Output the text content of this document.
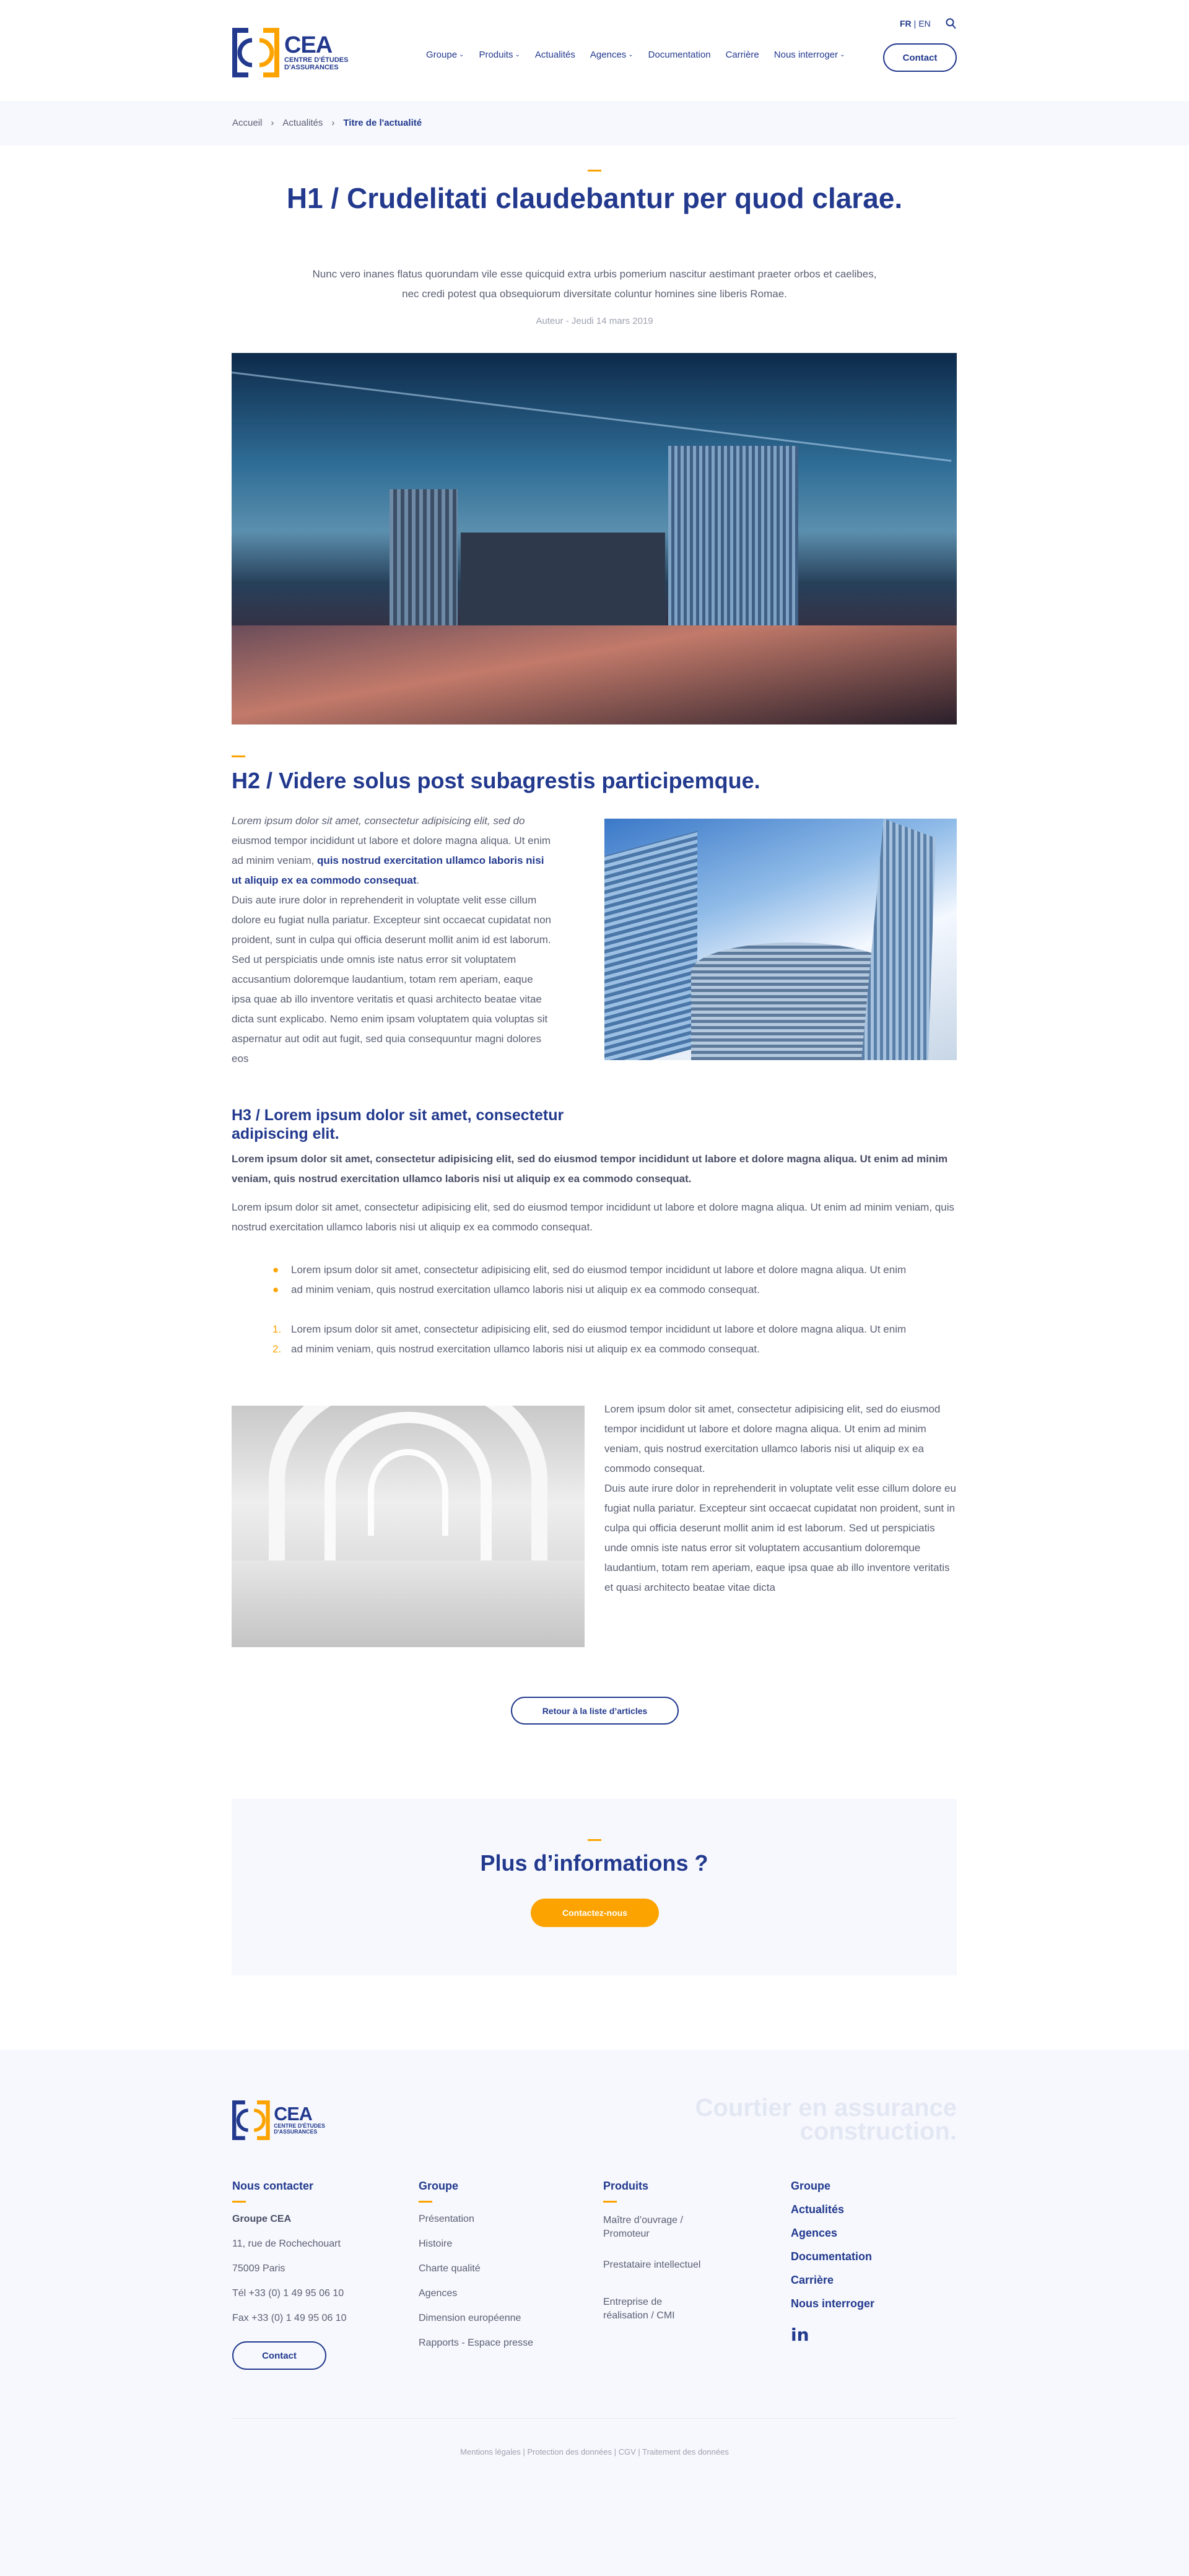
CEA
CENTRE D'ÉTUDES
D'ASSURANCES
FR | EN
Groupe ⌄ Produits ⌄ Actualités Agences ⌄ Documentation Carrière Nous interroger ⌄	Contact
Accueil › Actualités › Titre de l'actualité
H1 / Crudelitati claudebantur per quod clarae.

Nunc vero inanes flatus quorundam vile esse quicquid extra urbis pomerium nascitur aestimant praeter orbos et caelibes, nec credi potest qua obsequiorum diversitate coluntur homines sine liberis Romae.

Auteur - Jeudi 14 mars 2019

H2 / Videre solus post subagrestis participemque.
Lorem ipsum dolor sit amet, consectetur adipisicing elit, sed do eiusmod tempor incididunt ut labore et dolore magna aliqua. Ut enim ad minim veniam, quis nostrud exercitation ullamco laboris nisi ut aliquip ex ea commodo consequat.
Duis aute irure dolor in reprehenderit in voluptate velit esse cillum dolore eu fugiat nulla pariatur. Excepteur sint occaecat cupidatat non proident, sunt in culpa qui officia deserunt mollit anim id est laborum. Sed ut perspiciatis unde omnis iste natus error sit voluptatem accusantium doloremque laudantium, totam rem aperiam, eaque ipsa quae ab illo inventore veritatis et quasi architecto beatae vitae dicta sunt explicabo. Nemo enim ipsam voluptatem quia voluptas sit aspernatur aut odit aut fugit, sed quia consequuntur magni dolores eos
H3 / Lorem ipsum dolor sit amet, consectetur adipiscing elit.

Lorem ipsum dolor sit amet, consectetur adipisicing elit, sed do eiusmod tempor incididunt ut labore et dolore magna aliqua. Ut enim ad minim veniam, quis nostrud exercitation ullamco laboris nisi ut aliquip ex ea commodo consequat.

Lorem ipsum dolor sit amet, consectetur adipisicing elit, sed do eiusmod tempor incididunt ut labore et dolore magna aliqua. Ut enim ad minim veniam, quis nostrud exercitation ullamco laboris nisi ut aliquip ex ea commodo consequat.

●	Lorem ipsum dolor sit amet, consectetur adipisicing elit, sed do eiusmod tempor incididunt ut labore et dolore magna aliqua. Ut enim
●	ad minim veniam, quis nostrud exercitation ullamco laboris nisi ut aliquip ex ea commodo consequat.
1. Lorem ipsum dolor sit amet, consectetur adipisicing elit, sed do eiusmod tempor incididunt ut labore et dolore magna aliqua. Ut enim
2. ad minim veniam, quis nostrud exercitation ullamco laboris nisi ut aliquip ex ea commodo consequat.
Lorem ipsum dolor sit amet, consectetur adipisicing elit, sed do eiusmod tempor incididunt ut labore et dolore magna aliqua. Ut enim ad minim veniam, quis nostrud exercitation ullamco laboris nisi ut aliquip ex ea commodo consequat.
Duis aute irure dolor in reprehenderit in voluptate velit esse cillum dolore eu fugiat nulla pariatur. Excepteur sint occaecat cupidatat non proident, sunt in culpa qui officia deserunt mollit anim id est laborum. Sed ut perspiciatis unde omnis iste natus error sit voluptatem accusantium doloremque laudantium, totam rem aperiam, eaque ipsa quae ab illo inventore veritatis et quasi architecto beatae vitae dicta
Retour à la liste d’articles
Plus d’informations ?
Contactez-nous
CEA
CENTRE D'ÉTUDES
D'ASSURANCES
Courtier en assurance
construction.
Nous contacter
Groupe CEA
11, rue de Rochechouart
75009 Paris
Tél +33 (0) 1 49 95 06 10
Fax +33 (0) 1 49 95 06 10
Contact
Groupe
Présentation
Histoire
Charte qualité
Agences
Dimension européenne
Rapports - Espace presse
Produits
Maître d’ouvrage / Promoteur
Prestataire intellectuel
Entreprise de réalisation / CMI
Groupe
Actualités
Agences
Documentation
Carrière
Nous interroger
in
Mentions légales | Protection des données | CGV | Traitement des données
